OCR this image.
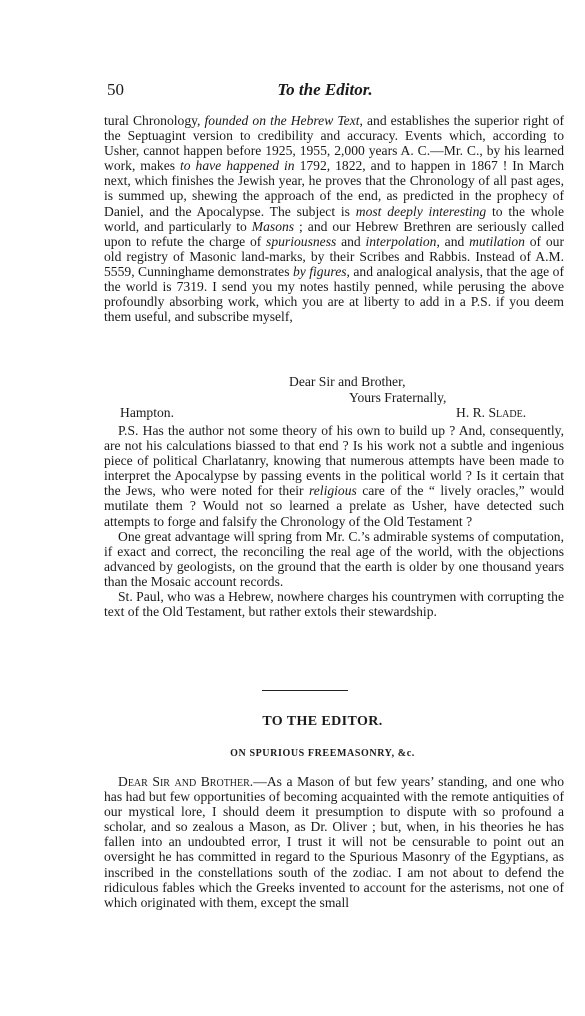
50	To the Editor.

tural Chronology, founded on the Hebrew Text, and establishes the superior right of the Septuagint version to credibility and accuracy. Events which, according to Usher, cannot happen before 1925, 1955, 2,000 years A. C.—Mr. C., by his learned work, makes to have happened in 1792, 1822, and to happen in 1867 ! In March next, which finishes the Jewish year, he proves that the Chronology of all past ages, is summed up, shewing the approach of the end, as predicted in the prophecy of Daniel, and the Apocalypse. The subject is most deeply interesting to the whole world, and particularly to Masons ; and our Hebrew Brethren are seriously called upon to refute the charge of spuriousness and interpolation, and mutilation of our old registry of Masonic land-marks, by their Scribes and Rabbis. Instead of A.M. 5559, Cunninghame demonstrates by figures, and analogical analysis, that the age of the world is 7319. I send you my notes hastily penned, while perusing the above profoundly absorbing work, which you are at liberty to add in a P.S. if you deem them useful, and subscribe myself,

Dear Sir and Brother,
Yours Fraternally,
Hampton.	H. R. Slade.

P.S. Has the author not some theory of his own to build up ? And, consequently, are not his calculations biassed to that end ? Is his work not a subtle and ingenious piece of political Charlatanry, knowing that numerous attempts have been made to interpret the Apocalypse by passing events in the political world ? Is it certain that the Jews, who were noted for their religious care of the “ lively oracles,” would mutilate them ? Would not so learned a prelate as Usher, have detected such attempts to forge and falsify the Chronology of the Old Testament ?

One great advantage will spring from Mr. C.’s admirable systems of computation, if exact and correct, the reconciling the real age of the world, with the objections advanced by geologists, on the ground that the earth is older by one thousand years than the Mosaic account records.

St. Paul, who was a Hebrew, nowhere charges his countrymen with corrupting the text of the Old Testament, but rather extols their stewardship.

TO THE EDITOR.
ON SPURIOUS FREEMASONRY, &c.

Dear Sir and Brother.—As a Mason of but few years’ standing, and one who has had but few opportunities of becoming acquainted with the remote antiquities of our mystical lore, I should deem it presumption to dispute with so profound a scholar, and so zealous a Mason, as Dr. Oliver ; but, when, in his theories he has fallen into an undoubted error, I trust it will not be censurable to point out an oversight he has committed in regard to the Spurious Masonry of the Egyptians, as inscribed in the constellations south of the zodiac. I am not about to defend the ridiculous fables which the Greeks invented to account for the asterisms, not one of which originated with them, except the small
